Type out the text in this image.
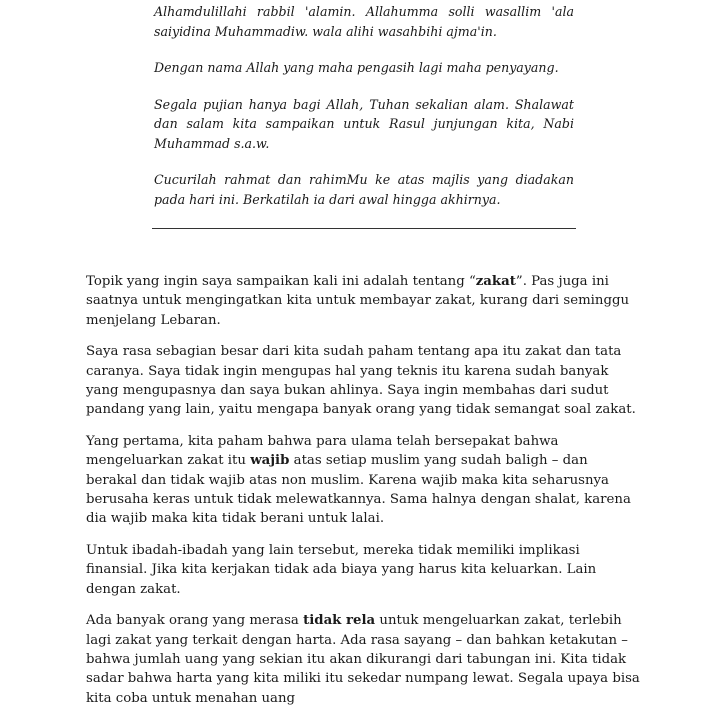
Alhamdulillahi rabbil 'alamin. Allahumma solli wasallim 'ala saiyidina Muhammadiw. wala alihi wasahbihi ajma'in.

Dengan nama Allah yang maha pengasih lagi maha penyayang.

Segala pujian hanya bagi Allah, Tuhan sekalian alam. Shalawat dan salam kita sampaikan untuk Rasul junjungan kita, Nabi Muhammad s.a.w.

Cucurilah rahmat dan rahimMu ke atas majlis yang diadakan pada hari ini. Berkatilah ia dari awal hingga akhirnya.

Topik yang ingin saya sampaikan kali ini adalah tentang “zakat”. Pas juga ini saatnya untuk mengingatkan kita untuk membayar zakat, kurang dari seminggu menjelang Lebaran.

Saya rasa sebagian besar dari kita sudah paham tentang apa itu zakat dan tata caranya. Saya tidak ingin mengupas hal yang teknis itu karena sudah banyak yang mengupasnya dan saya bukan ahlinya. Saya ingin membahas dari sudut pandang yang lain, yaitu mengapa banyak orang yang tidak semangat soal zakat.

Yang pertama, kita paham bahwa para ulama telah bersepakat bahwa mengeluarkan zakat itu wajib atas setiap muslim yang sudah baligh – dan berakal dan tidak wajib atas non muslim. Karena wajib maka kita seharusnya berusaha keras untuk tidak melewatkannya. Sama halnya dengan shalat, karena dia wajib maka kita tidak berani untuk lalai.

Untuk ibadah-ibadah yang lain tersebut, mereka tidak memiliki implikasi finansial. Jika kita kerjakan tidak ada biaya yang harus kita keluarkan. Lain dengan zakat.

Ada banyak orang yang merasa tidak rela untuk mengeluarkan zakat, terlebih lagi zakat yang terkait dengan harta. Ada rasa sayang – dan bahkan ketakutan – bahwa jumlah uang yang sekian itu akan dikurangi dari tabungan ini. Kita tidak sadar bahwa harta yang kita miliki itu sekedar numpang lewat. Segala upaya bisa kita coba untuk menahan uang
